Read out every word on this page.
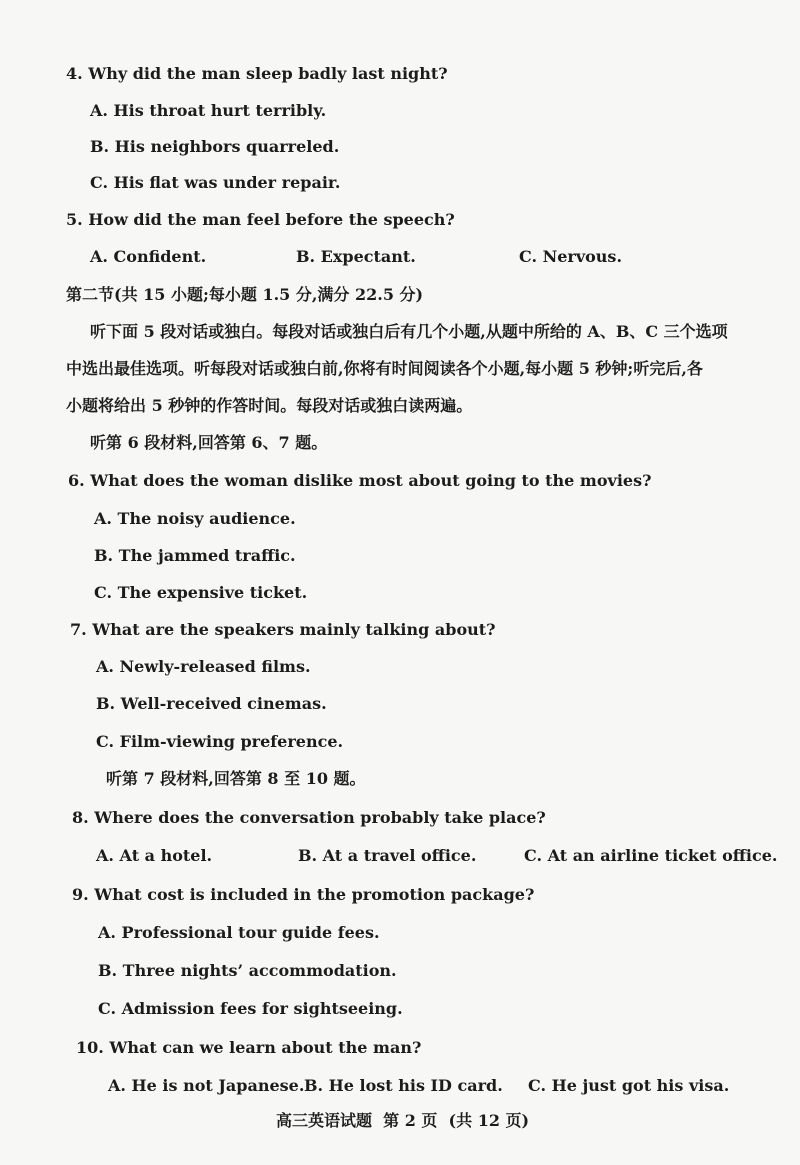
4. Why did the man sleep badly last night?
A. His throat hurt terribly.
B. His neighbors quarreled.
C. His flat was under repair.
5. How did the man feel before the speech?
A. Confident.	B. Expectant.	C. Nervous.
第二节(共 15 小题;每小题 1.5 分,满分 22.5 分)
听下面 5 段对话或独白。每段对话或独白后有几个小题,从题中所给的 A、B、C 三个选项
中选出最佳选项。听每段对话或独白前,你将有时间阅读各个小题,每小题 5 秒钟;听完后,各
小题将给出 5 秒钟的作答时间。每段对话或独白读两遍。
听第 6 段材料,回答第 6、7 题。
6. What does the woman dislike most about going to the movies?
A. The noisy audience.
B. The jammed traffic.
C. The expensive ticket.
7. What are the speakers mainly talking about?
A. Newly-released films.
B. Well-received cinemas.
C. Film-viewing preference.
听第 7 段材料,回答第 8 至 10 题。
8. Where does the conversation probably take place?
A. At a hotel.	B. At a travel office.	C. At an airline ticket office.
9. What cost is included in the promotion package?
A. Professional tour guide fees.
B. Three nights’ accommodation.
C. Admission fees for sightseeing.
10. What can we learn about the man?
A. He is not Japanese. B. He lost his ID card. C. He just got his visa.
高三英语试题  第 2 页  (共 12 页)
